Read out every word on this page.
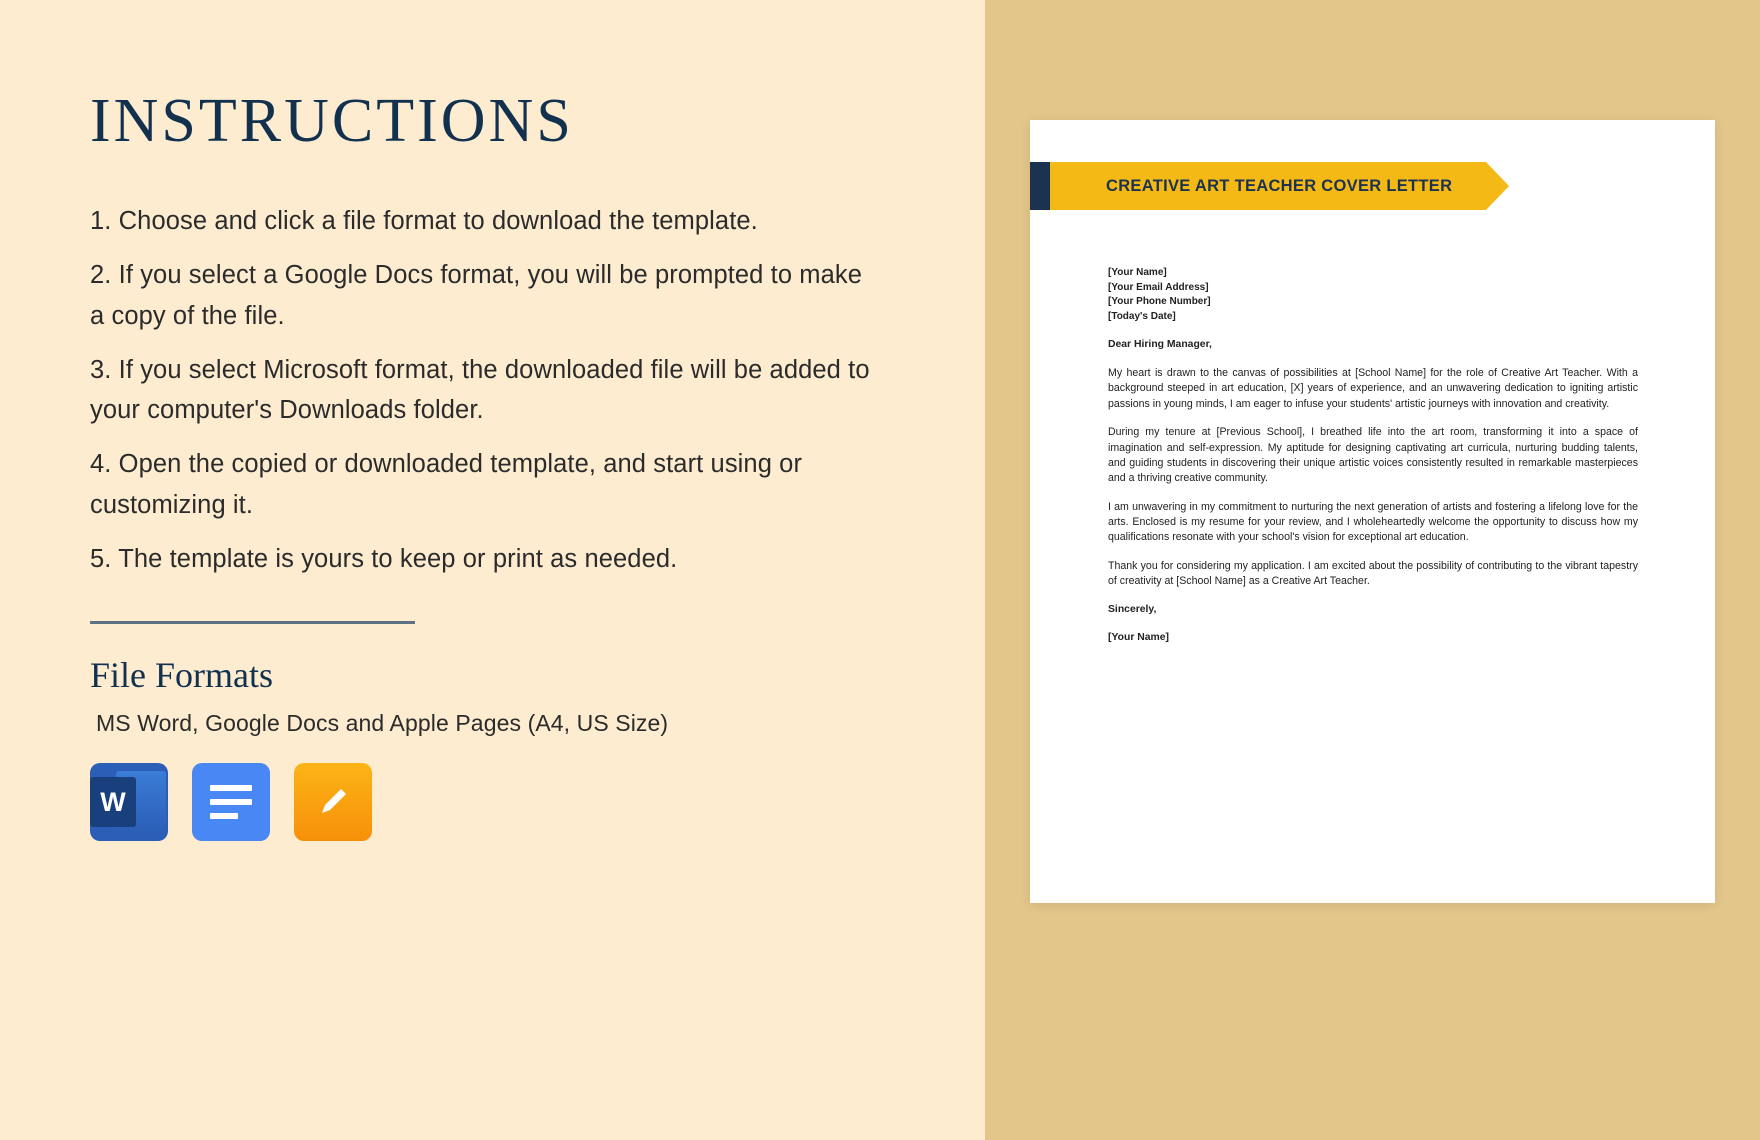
INSTRUCTIONS
1. Choose and click a file format to download the template.
2. If you select a Google Docs format, you will be prompted to make a copy of the file.
3. If you select Microsoft format, the downloaded file will be added to your computer's Downloads folder.
4. Open the copied or downloaded template, and start using or customizing it.
5. The template is yours to keep or print as needed.
File Formats
MS Word, Google Docs and Apple Pages (A4, US Size)
W
CREATIVE ART TEACHER COVER LETTER
[Your Name]
[Your Email Address]
[Your Phone Number]
[Today's Date]
Dear Hiring Manager,

My heart is drawn to the canvas of possibilities at [School Name] for the role of Creative Art Teacher. With a background steeped in art education, [X] years of experience, and an unwavering dedication to igniting artistic passions in young minds, I am eager to infuse your students' artistic journeys with innovation and creativity.

During my tenure at [Previous School], I breathed life into the art room, transforming it into a space of imagination and self-expression. My aptitude for designing captivating art curricula, nurturing budding talents, and guiding students in discovering their unique artistic voices consistently resulted in remarkable masterpieces and a thriving creative community.

I am unwavering in my commitment to nurturing the next generation of artists and fostering a lifelong love for the arts. Enclosed is my resume for your review, and I wholeheartedly welcome the opportunity to discuss how my qualifications resonate with your school's vision for exceptional art education.

Thank you for considering my application. I am excited about the possibility of contributing to the vibrant tapestry of creativity at [School Name] as a Creative Art Teacher.

Sincerely,
[Your Name]
